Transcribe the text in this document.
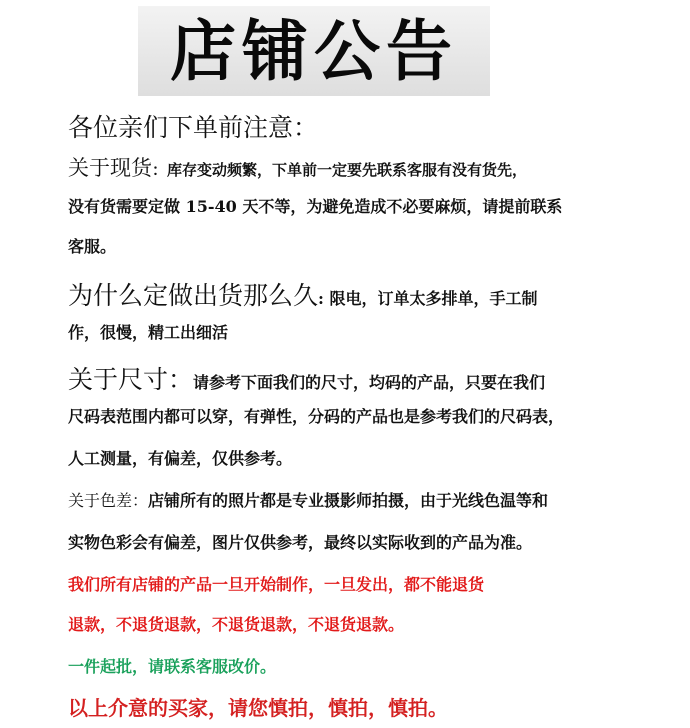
店铺公告
各位亲们下单前注意：
关于现货：库存变动频繁，下单前一定要先联系客服有没有货先，
没有货需要定做 15-40 天不等，为避免造成不必要麻烦，请提前联系
客服。
为什么定做出货那么久: 限电，订单太多排单，手工制
作，很慢，精工出细活
关于尺寸：请参考下面我们的尺寸，均码的产品，只要在我们
尺码表范围内都可以穿，有弹性，分码的产品也是参考我们的尺码表，
人工测量，有偏差，仅供参考。
关于色差：店铺所有的照片都是专业摄影师拍摄，由于光线色温等和
实物色彩会有偏差，图片仅供参考，最终以实际收到的产品为准。
我们所有店铺的产品一旦开始制作，一旦发出，都不能退货
退款，不退货退款，不退货退款，不退货退款。
一件起批，请联系客服改价。
以上介意的买家，请您慎拍，慎拍，慎拍。
